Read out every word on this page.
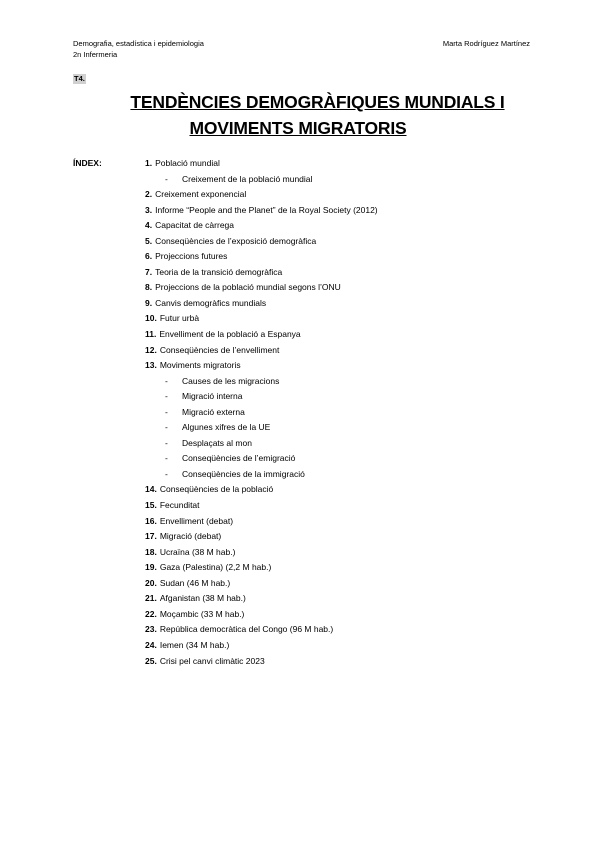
Demografia, estadística i epidemiologia
2n Infermeria
Marta Rodríguez Martínez
T4.
TENDÈNCIES DEMOGRÀFIQUES MUNDIALS I
MOVIMENTS MIGRATORIS
ÍNDEX:	1. Població mundial
- Creixement de la població mundial
2. Creixement exponencial
3. Informe “People and the Planet” de la Royal Society (2012)
4. Capacitat de càrrega
5. Conseqüències de l’exposició demogràfica
6. Projeccions futures
7. Teoria de la transició demogràfica
8. Projeccions de la població mundial segons l’ONU
9. Canvis demogràfics mundials
10. Futur urbà
11. Envelliment de la població a Espanya
12. Conseqüències de l’envelliment
13. Moviments migratoris
- Causes de les migracions
- Migració interna
- Migració externa
- Algunes xifres de la UE
- Desplaçats al mon
- Conseqüències de l’emigració
- Conseqüències de la immigració
14. Conseqüències de la població
15. Fecunditat
16. Envelliment (debat)
17. Migració (debat)
18. Ucraïna (38 M hab.)
19. Gaza (Palestina) (2,2 M hab.)
20. Sudan (46 M hab.)
21. Afganistan (38 M hab.)
22. Moçambic (33 M hab.)
23. República democràtica del Congo (96 M hab.)
24. Iemen (34 M hab.)
25. Crisi pel canvi climàtic 2023
